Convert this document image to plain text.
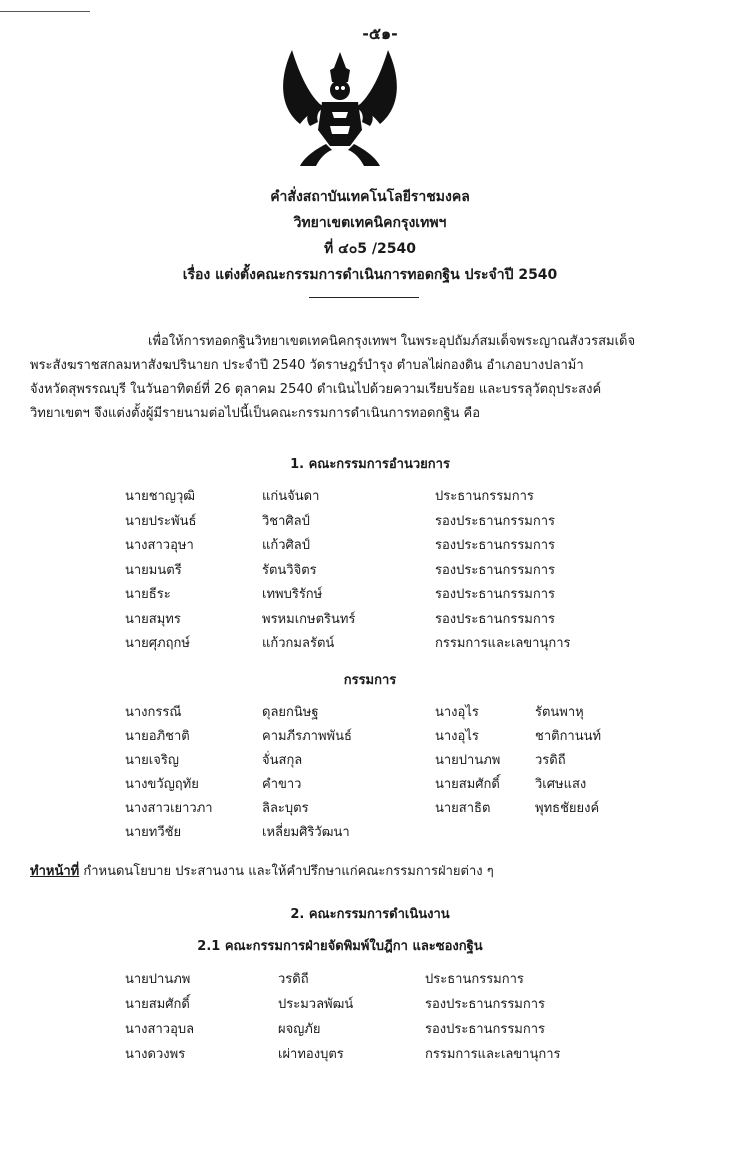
-๕๑-
คำสั่งสถาบันเทคโนโลยีราชมงคล
วิทยาเขตเทคนิคกรุงเทพฯ
ที่ ๔๐5 /2540
เรื่อง แต่งตั้งคณะกรรมการดำเนินการทอดกฐิน ประจำปี 2540
เพื่อให้การทอดกฐินวิทยาเขตเทคนิคกรุงเทพฯ ในพระอุปถัมภ์สมเด็จพระญาณสังวรสมเด็จ
พระสังฆราชสกลมหาสังฆปรินายก ประจำปี 2540 วัดราษฎร์บำรุง ตำบลไผ่กองดิน อำเภอบางปลาม้า
จังหวัดสุพรรณบุรี ในวันอาทิตย์ที่ 26 ตุลาคม 2540 ดำเนินไปด้วยความเรียบร้อย และบรรลุวัตถุประสงค์
วิทยาเขตฯ จึงแต่งตั้งผู้มีรายนามต่อไปนี้เป็นคณะกรรมการดำเนินการทอดกฐิน คือ
1. คณะกรรมการอำนวยการ
นายชาญวุฒิ	แก่นจันดา	ประธานกรรมการ
นายประพันธ์	วิชาศิลป์	รองประธานกรรมการ
นางสาวอุษา	แก้วศิลป์	รองประธานกรรมการ
นายมนตรี	รัตนวิจิตร	รองประธานกรรมการ
นายธีระ	เทพบริรักษ์	รองประธานกรรมการ
นายสมุทร	พรหมเกษตรินทร์	รองประธานกรรมการ
นายศุภฤกษ์	แก้วกมลรัตน์	กรรมการและเลขานุการ
กรรมการ
นางกรรณี	ดุลยกนิษฐ	นางอุไร	รัตนพาหุ
นายอภิชาติ	คามภีรภาพพันธ์	นางอุไร	ชาติกานนท์
นายเจริญ	จั่นสกุล	นายปานภพ	วรดิถี
นางขวัญฤทัย	คำขาว	นายสมศักดิ์	วิเศษแสง
นางสาวเยาวภา	ลิละบุตร	นายสาธิต	พุทธชัยยงค์
นายทวีชัย	เหลี่ยมศิริวัฒนา
ทำหน้าที่ กำหนดนโยบาย ประสานงาน และให้คำปรึกษาแก่คณะกรรมการฝ่ายต่าง ๆ
2. คณะกรรมการดำเนินงาน
2.1 คณะกรรมการฝ่ายจัดพิมพ์ใบฎีกา และซองกฐิน
นายปานภพ	วรดิถี	ประธานกรรมการ
นายสมศักดิ์	ประมวลพัฒน์	รองประธานกรรมการ
นางสาวอุบล	ผจญภัย	รองประธานกรรมการ
นางดวงพร	เผ่าทองบุตร	กรรมการและเลขานุการ
